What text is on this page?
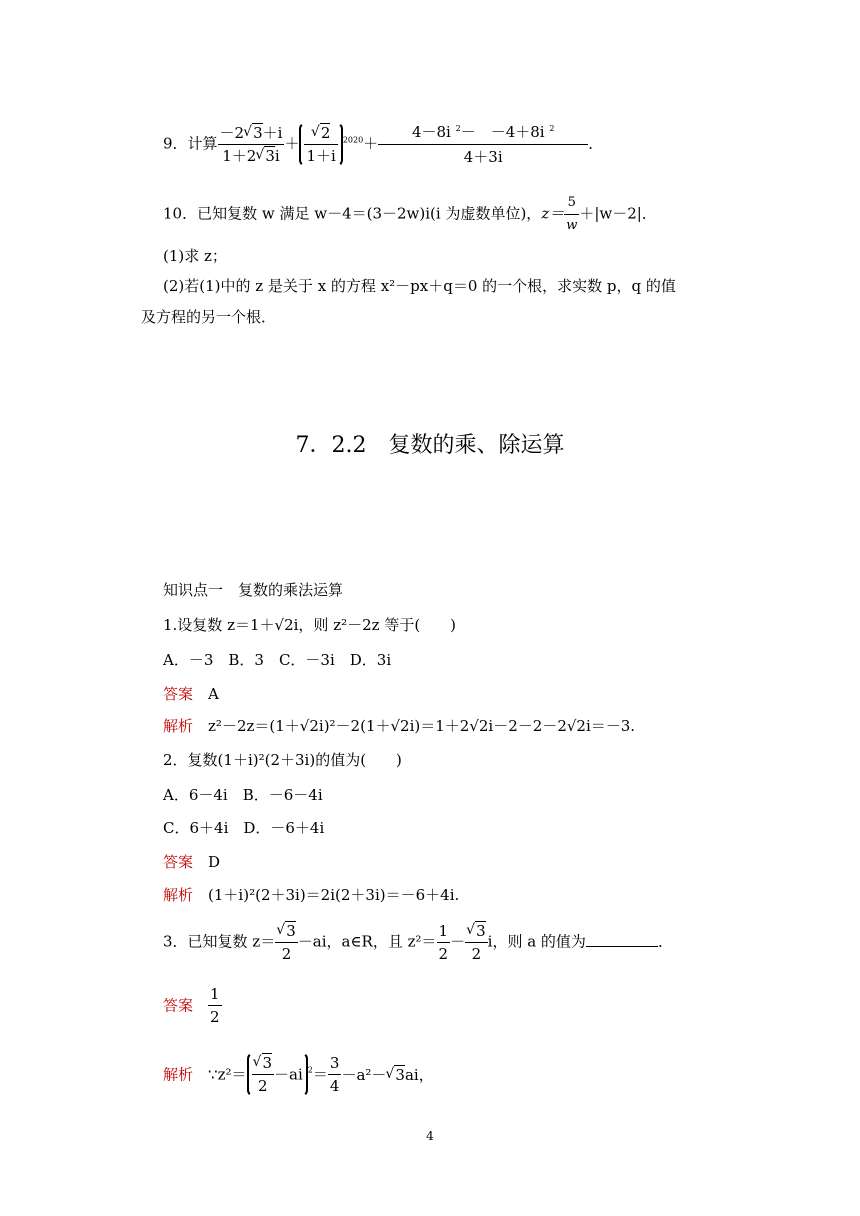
9．计算 $\frac{-2√ 3+i}{1+2√ 3i}$ ＋
√ $\frac{2}{1+i} ^{2020}+ \frac{4-8i ^2- -4+8i ^2}{4+3i}$ ．
10．已知复数 w 满足 w－4＝(3－2w)i(i 为虚数单位)，$z= \frac{5}{w} +|w-2|$．
(1)求 z；
(2)若(1)中的 z 是关于 x 的方程 x²－px＋q＝0 的一个根，求实数 p，q 的值
及方程的另一个根．
7．2.2　复数的乘、除运算
知识点一　复数的乘法运算
1.设复数 z＝1＋√2i，则 z²－2z 等于(　　)
A．－3　B．3　C．－3i　D．3i
答案　 A
解析　 z²－2z＝(1＋√2i)²－2(1＋√2i)＝1＋2√2i－2－2－2√2i＝－3.
2．复数(1＋i)²(2＋3i)的值为(　　)
A．6－4i　B．－6－4i
C．6＋4i　D．－6＋4i
答案　 D
解析　 (1＋i)²(2＋3i)＝2i(2＋3i)＝－6＋4i.
3．已知复数 z＝
√ $\frac{3}{2} -ai$，a∈R，且 $z^2= \frac{1}{2}$ －
√ $\frac{3}{2}$ i，则 a 的值为	．
答案　 $\frac{1}{2}$
解析　 ∵z²＝
√ $\frac{3}{2} -ai$ $^2= \frac{3}{4} -a^2-√$ 3ai，
4
